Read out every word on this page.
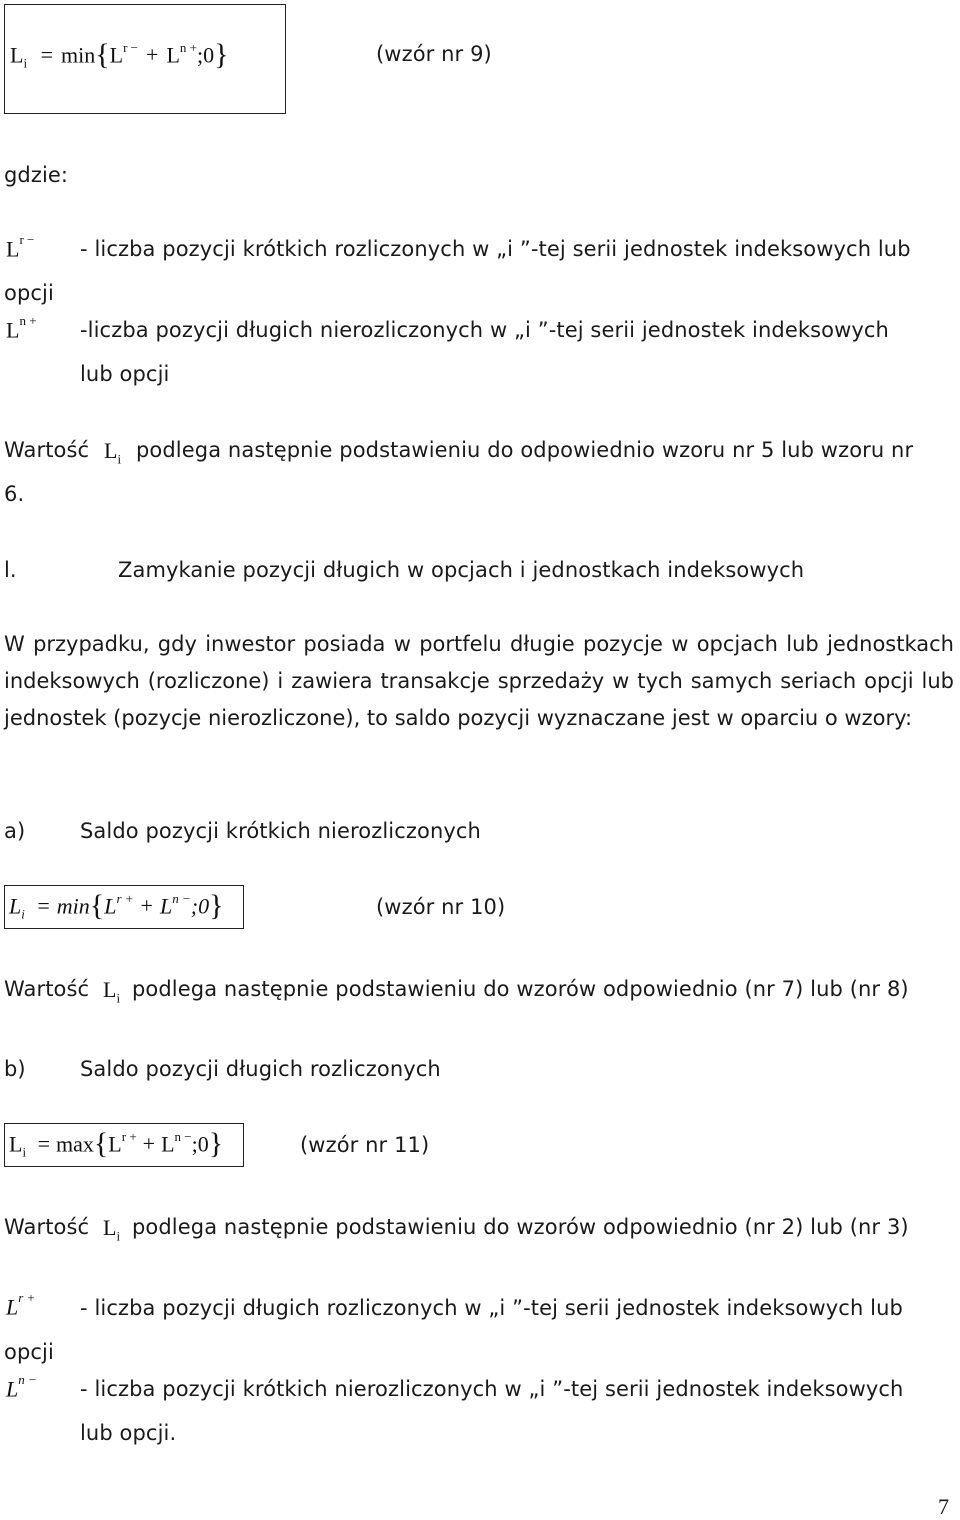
$L_i = \min\{L^{r -}$ + $L^{n +};0$}	(wzór nr 9)
gdzie:
$L^{r -}$ - liczba pozycji krótkich rozliczonych w „i ”-tej serii jednostek indeksowych lub
opcji
$L^{n +}$ -liczba pozycji długich nierozliczonych w „i ”-tej serii jednostek indeksowych
lub opcji
Wartość $L_i$ podlega następnie podstawieniu do odpowiednio wzoru nr 5 lub wzoru nr
6.
l.	Zamykanie pozycji długich w opcjach i jednostkach indeksowych
W przypadku, gdy inwestor posiada w portfelu długie pozycje w opcjach lub jednostkach indeksowych (rozliczone) i zawiera transakcje sprzedaży w tych samych seriach opcji lub jednostek (pozycje nierozliczone), to saldo pozycji wyznaczane jest w oparciu o wzory:
a)	Saldo pozycji krótkich nierozliczonych
$L_i = \min\{L^{r +}$ + $L^{n -};0$}	(wzór nr 10)
Wartość $L_i$ podlega następnie podstawieniu do wzorów odpowiednio (nr 7) lub (nr 8)
b)	Saldo pozycji długich rozliczonych
$L_i = \max\{L^{r +}$ + $L^{n -};0$}	(wzór nr 11)
Wartość $L_i$ podlega następnie podstawieniu do wzorów odpowiednio (nr 2) lub (nr 3)
$L^{r +}$ - liczba pozycji długich rozliczonych w „i ”-tej serii jednostek indeksowych lub
opcji
$L^{n -}$ - liczba pozycji krótkich nierozliczonych w „i ”-tej serii jednostek indeksowych
lub opcji.
7
